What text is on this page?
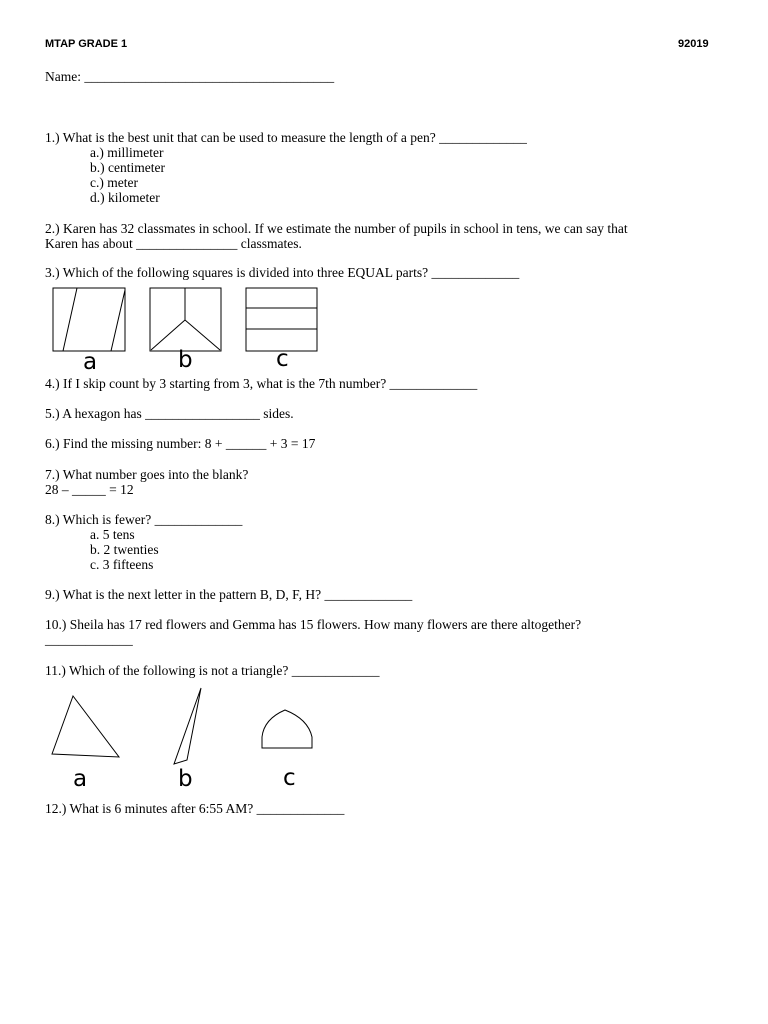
MTAP GRADE 1	92019
Name: _____________________________________
1.) What is the best unit that can be used to measure the length of a pen? _____________
a.) millimeter
b.) centimeter
c.) meter
d.) kilometer
2.) Karen has 32 classmates in school. If we estimate the number of pupils in school in tens, we can say that
Karen has about _______________ classmates.
3.) Which of the following squares is divided into three EQUAL parts? _____________
a	b	c
4.) If I skip count by 3 starting from 3, what is the 7th number? _____________
5.) A hexagon has _________________ sides.
6.) Find the missing number: 8 + ______ + 3 = 17
7.) What number goes into the blank?
28 – _____ = 12
8.) Which is fewer? _____________
a. 5 tens
b. 2 twenties
c. 3 fifteens
9.) What is the next letter in the pattern B, D, F, H? _____________
10.) Sheila has 17 red flowers and Gemma has 15 flowers. How many flowers are there altogether?
_____________
11.) Which of the following is not a triangle? _____________
a	b	c
12.) What is 6 minutes after 6:55 AM? _____________
